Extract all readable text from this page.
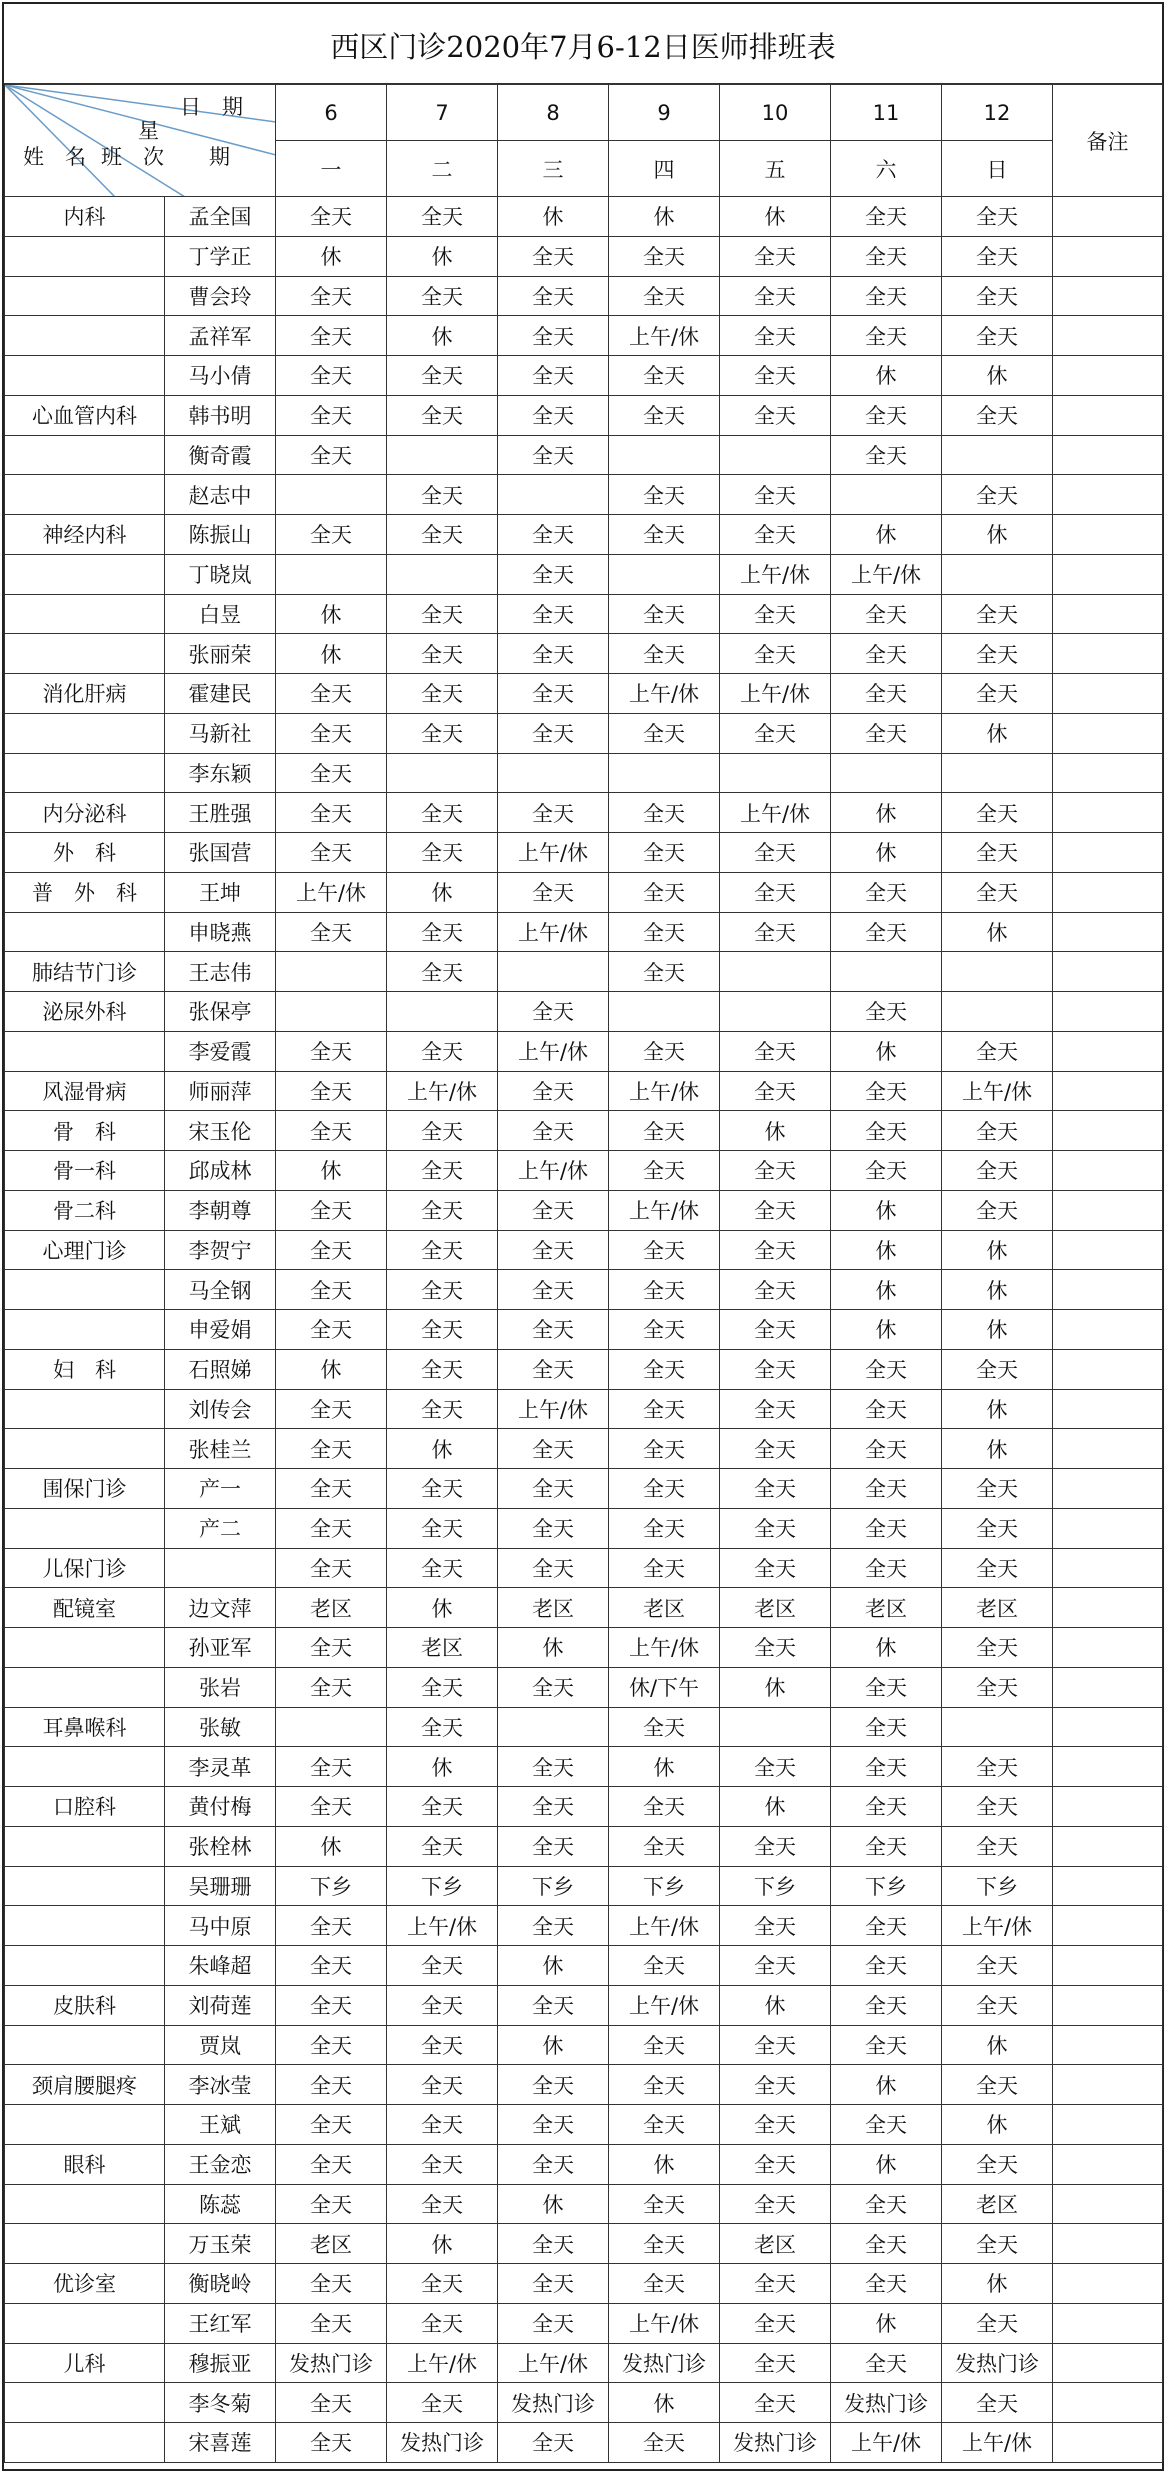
西区门诊2020年7月6-12日医师排班表
日　期
星
期
姓　名 班　次		6	7	8	9	10	11	12	备注
		一	二	三	四	五	六	日	
内科	孟全国	全天	全天	休	休	休	全天	全天	
	丁学正	休	休	全天	全天	全天	全天	全天	
	曹会玲	全天	全天	全天	全天	全天	全天	全天	
	孟祥军	全天	休	全天	上午/休	全天	全天	全天	
	马小倩	全天	全天	全天	全天	全天	休	休	
心血管内科	韩书明	全天	全天	全天	全天	全天	全天	全天	
	衡奇霞	全天		全天			全天		
	赵志中		全天		全天	全天		全天	
神经内科	陈振山	全天	全天	全天	全天	全天	休	休	
	丁晓岚			全天		上午/休	上午/休		
	白昱	休	全天	全天	全天	全天	全天	全天	
	张丽荣	休	全天	全天	全天	全天	全天	全天	
消化肝病	霍建民	全天	全天	全天	上午/休	上午/休	全天	全天	
	马新社	全天	全天	全天	全天	全天	全天	休	
	李东颖	全天							
内分泌科	王胜强	全天	全天	全天	全天	上午/休	休	全天	
外　科	张国营	全天	全天	上午/休	全天	全天	休	全天	
普　外　科	王坤	上午/休	休	全天	全天	全天	全天	全天	
	申晓燕	全天	全天	上午/休	全天	全天	全天	休	
肺结节门诊	王志伟		全天		全天				
泌尿外科	张保亭			全天			全天		
	李爱霞	全天	全天	上午/休	全天	全天	休	全天	
风湿骨病	师丽萍	全天	上午/休	全天	上午/休	全天	全天	上午/休	
骨　科	宋玉伦	全天	全天	全天	全天	休	全天	全天	
骨一科	邱成林	休	全天	上午/休	全天	全天	全天	全天	
骨二科	李朝尊	全天	全天	全天	上午/休	全天	休	全天	
心理门诊	李贺宁	全天	全天	全天	全天	全天	休	休	
	马全钢	全天	全天	全天	全天	全天	休	休	
	申爱娟	全天	全天	全天	全天	全天	休	休	
妇　科	石照娣	休	全天	全天	全天	全天	全天	全天	
	刘传会	全天	全天	上午/休	全天	全天	全天	休	
	张桂兰	全天	休	全天	全天	全天	全天	休	
围保门诊	产一	全天	全天	全天	全天	全天	全天	全天	
	产二	全天	全天	全天	全天	全天	全天	全天	
儿保门诊		全天	全天	全天	全天	全天	全天	全天	
配镜室	边文萍	老区	休	老区	老区	老区	老区	老区	
	孙亚军	全天	老区	休	上午/休	全天	休	全天	
	张岩	全天	全天	全天	休/下午	休	全天	全天	
耳鼻喉科	张敏		全天		全天		全天		
	李灵革	全天	休	全天	休	全天	全天	全天	
口腔科	黄付梅	全天	全天	全天	全天	休	全天	全天	
	张栓林	休	全天	全天	全天	全天	全天	全天	
	吴珊珊	下乡	下乡	下乡	下乡	下乡	下乡	下乡	
	马中原	全天	上午/休	全天	上午/休	全天	全天	上午/休	
	朱峰超	全天	全天	休	全天	全天	全天	全天	
皮肤科	刘荷莲	全天	全天	全天	上午/休	休	全天	全天	
	贾岚	全天	全天	休	全天	全天	全天	休	
颈肩腰腿疼	李冰莹	全天	全天	全天	全天	全天	休	全天	
	王斌	全天	全天	全天	全天	全天	全天	休	
眼科	王金恋	全天	全天	全天	休	全天	休	全天	
	陈蕊	全天	全天	休	全天	全天	全天	老区	
	万玉荣	老区	休	全天	全天	老区	全天	全天	
优诊室	衡晓岭	全天	全天	全天	全天	全天	全天	休	
	王红军	全天	全天	全天	上午/休	全天	休	全天	
儿科	穆振亚	发热门诊	上午/休	上午/休	发热门诊	全天	全天	发热门诊	
	李冬菊	全天	全天	发热门诊	休	全天	发热门诊	全天	
	宋喜莲	全天	发热门诊	全天	全天	发热门诊	上午/休	上午/休	
